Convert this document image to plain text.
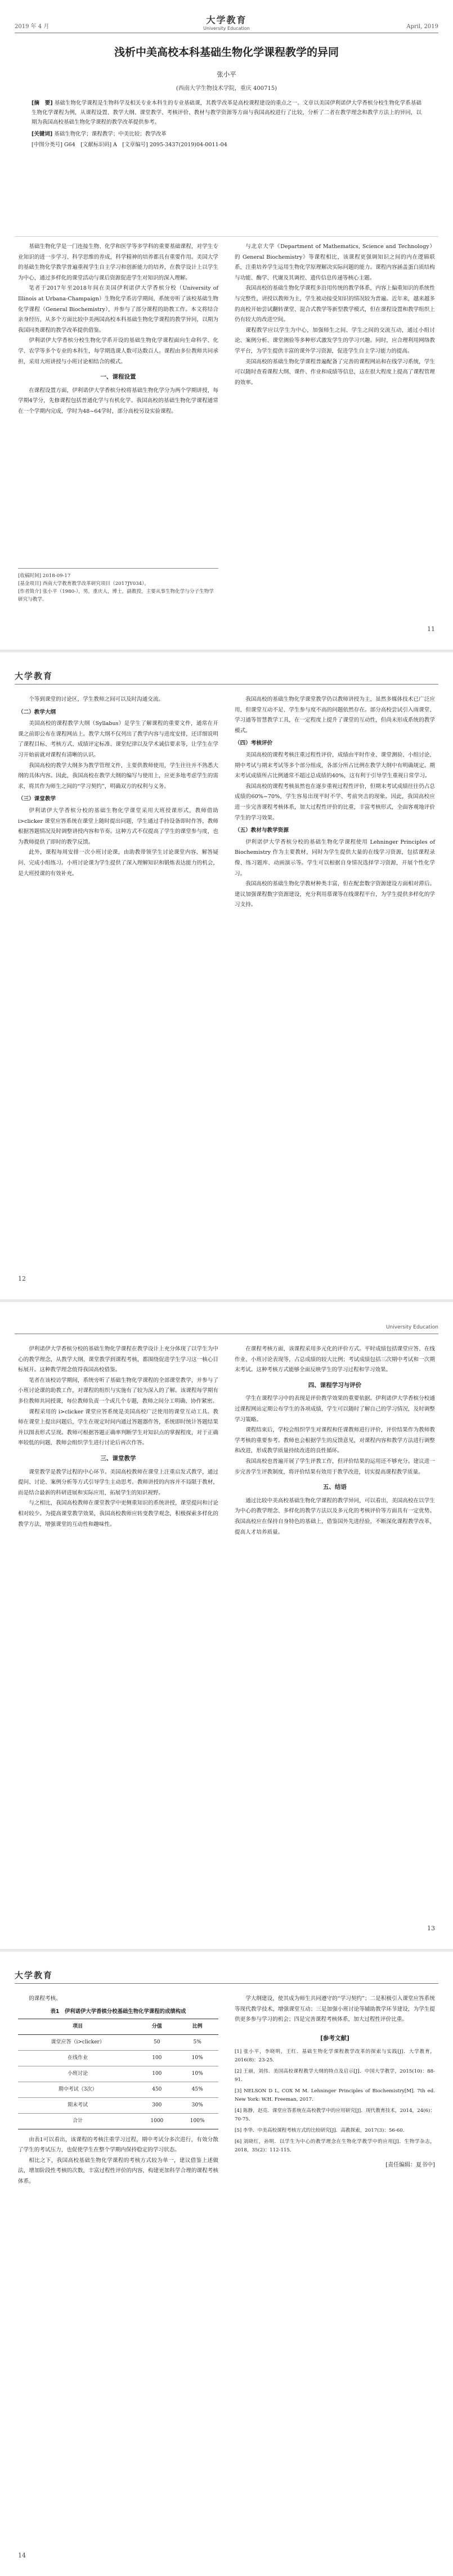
2019 年 4 月
大学教育
University Education	April, 2019
浅析中美高校本科基础生物化学课程教学的异同
张小平
(西南大学生物技术学院，重庆 400715)
[摘　要] 基础生物化学课程是生物科学及相关专业本科生的专业基础课，其教学改革是高校课程建设的重点之一。文章以美国伊利诺伊大学香槟分校生物化学系基础生物化学课程为例，从课程设置、教学大纲、课堂教学、考核评价、教材与教学资源等方面与我国高校进行了比较，分析了二者在教学理念和教学方法上的异同，以期为我国高校基础生物化学课程的教学改革提供参考。
[关键词] 基础生物化学；课程教学；中美比较；教学改革
[中图分类号] G64　[文献标识码] A　[文章编号] 2095-3437(2019)04-0011-04

基础生物化学是一门连接生物、化学和医学等多学科的重要基础课程，对学生专业知识的进一步学习、科学思维的养成，科学精神的培养都具有重要作用。美国大学的基础生物化学教学普遍重视学生自主学习和创新能力的培养，在教学设计上以学生为中心，通过多样化的课堂活动与课后资源促进学生对知识的深入理解。

笔者于2017年至2018年间在美国伊利诺伊大学香槟分校（University of Illinois at Urbana-Champaign）生物化学系访学期间，系统旁听了该校基础生物化学课程（General Biochemistry），并参与了部分课程的助教工作。本文将结合亲身经历，从多个方面比较中美两国高校本科基础生物化学课程的教学异同，以期为我国同类课程的教学改革提供借鉴。

伊利诺伊大学香槟分校生物化学系开设的基础生物化学课程面向生命科学、化学、农学等多个专业的本科生，每学期选课人数可达数百人。课程由多位教师共同承担，采用大班讲授与小班讨论相结合的模式。

一、课程设置

在课程设置方面，伊利诺伊大学香槟分校将基础生物化学分为两个学期讲授，每学期4学分，先修课程包括普通化学与有机化学。我国高校的基础生物化学课程通常在一个学期内完成，学时为48~64学时，部分高校另设实验课程。

[收稿时间] 2018-09-17
[基金项目] 西南大学教育教学改革研究项目（2017JY034）。
[作者简介] 张小平（1980-），男，重庆人，博士，副教授，主要从事生物化学与分子生物学研究与教学。

与北京大学《Department of Mathematics, Science and Technology）的 General Biochemistry》等课程相比，该课程更强调知识之间的内在逻辑联系，注重培养学生运用生物化学原理解决实际问题的能力。课程内容涵盖蛋白质结构与功能、酶学、代谢及其调控、遗传信息传递等核心主题。

我国高校的基础生物化学课程多沿用传统的教学体系，内容上偏重知识的系统性与完整性，讲授以教师为主，学生被动接受知识的情况较为普遍。近年来，越来越多的高校开始尝试翻转课堂、混合式教学等新型教学模式，但在课程设置和教学组织上仍有较大的改进空间。

课程教学应以学生为中心，加强师生之间、学生之间的交流互动，通过小组讨论、案例分析、课堂测验等多种形式激发学生的学习兴趣。同时，应合理利用网络教学平台，为学生提供丰富的课外学习资源，促进学生自主学习能力的提高。

美国高校的基础生物化学课程普遍配备了完善的课程网站和在线学习系统，学生可以随时查看课程大纲、课件、作业和成绩等信息，这在很大程度上提高了课程管理的效率。

11
大学教育

个等到课堂的讨论区，学生教师之间可以及时沟通交流。

（二）教学大纲

美国高校的课程教学大纲（Syllabus）是学生了解课程的重要文件，通常在开课之前即公布在课程网站上。教学大纲不仅列出了教学内容与进度安排，还详细说明了课程目标、考核方式、成绩评定标准、课堂纪律以及学术诚信要求等，让学生在学习开始前就对课程有清晰的认识。

我国高校的教学大纲多为教学管理文件，主要供教师使用，学生往往并不熟悉大纲的具体内容。因此，我国高校在教学大纲的编写与使用上，应更多地考虑学生的需求，将其作为师生之间的“学习契约”，明确双方的权利与义务。

（三）课堂教学

伊利诺伊大学香槟分校的基础生物化学课堂采用大班授课形式，教师借助 i>clicker 课堂应答系统在课堂上随时提出问题，学生通过手持设备即时作答，教师根据答题情况及时调整讲授内容和节奏。这种方式不仅提高了学生的课堂参与度，也为教师提供了即时的教学反馈。

此外，课程每周安排一次小班讨论课，由助教带领学生讨论课堂内容、解答疑问、完成小组练习。小班讨论课为学生提供了深入理解知识和锻炼表达能力的机会，是大班授课的有效补充。

我国高校的基础生物化学课堂教学仍以教师讲授为主，虽然多媒体技术已广泛应用，但课堂互动不足、学生参与度不高的问题依然存在。部分高校尝试引入雨课堂、学习通等智慧教学工具，在一定程度上提升了课堂的互动性，但尚未形成系统的教学模式。

（四）考核评价

美国高校的课程考核注重过程性评价，成绩由平时作业、课堂测验、小组讨论、期中考试与期末考试等多个部分组成，各部分所占比例在教学大纲中有明确规定。期末考试成绩所占比例通常不超过总成绩的40%，这有利于引导学生重视日常学习。

我国高校的课程考核虽然也在逐步重视过程性评价，但期末考试成绩往往仍占总成绩的60%~70%，学生容易出现平时不学、考前突击的现象。因此，我国高校应进一步完善课程考核体系，加大过程性评价的比重，丰富考核形式，全面客观地评价学生的学习效果。

（五）教材与教学资源

伊利诺伊大学香槟分校的基础生物化学课程使用 Lehninger Principles of Biochemistry 作为主要教材，同时为学生提供大量的在线学习资源，包括课程录像、练习题库、动画演示等。学生可以根据自身情况选择学习资源，开展个性化学习。

我国高校的基础生物化学教材种类丰富，但在配套数字资源建设方面相对滞后。建议加强课程数字资源建设，充分利用慕课等在线课程平台，为学生提供多样化的学习支持。

12
University Education

伊利诺伊大学香槟分校的基础生物化学课程在教学设计上充分体现了以学生为中心的教学理念，从教学大纲、课堂教学到课程考核，都围绕促进学生学习这一核心目标展开。这种教学理念值得我国高校借鉴。

笔者在该校访学期间，系统旁听了基础生物化学课程的全部课堂教学，并参与了小班讨论课的助教工作，对课程的组织与实施有了较为深入的了解。该课程每学期有多位教师共同授课，每位教师负责一个或几个专题，教师之间分工明确、协作紧密。

课程采用的 i>clicker 课堂应答系统是美国高校广泛使用的课堂互动工具。教师在课堂上提出问题后，学生在规定时间内通过答题器作答，系统即时统计答题结果并以图表形式呈现。教师可根据答题正确率判断学生对知识点的掌握程度，对于正确率较低的问题，教师会组织学生进行讨论后再次作答。

三、课堂教学

课堂教学是教学过程的中心环节。美国高校教师在课堂上注重启发式教学，通过提问、讨论、案例分析等方式引导学生主动思考。教师讲授的内容并不局限于教材，而是结合最新的科研进展和实际应用，拓展学生的知识视野。

与之相比，我国高校教师在课堂教学中更侧重知识的系统讲授，课堂提问和讨论相对较少。为提高课堂教学效果，我国高校教师应转变教学观念，积极探索多样化的教学方法，增强课堂的互动性和趣味性。

在课程考核方面，该课程采用多元化的评价方式。平时成绩包括课堂应答、在线作业、小班讨论表现等，占总成绩的较大比例；考试成绩包括三次期中考试和一次期末考试。这种考核方式能够全面反映学生的学习过程和学习效果。

四、课程学习与评价

学生在课程学习中的表现是评价教学效果的重要依据。伊利诺伊大学香槟分校通过课程网站定期公布学生的各项成绩，学生可以随时了解自己的学习情况，及时调整学习策略。

课程结束后，学校会组织学生对课程和任课教师进行评价，评价结果作为教师教学考核的重要参考。教师也会根据学生的反馈意见，对课程内容和教学方法进行调整和改进，形成教学质量持续改进的良性循环。

我国高校也普遍开展了学生评教工作，但评价结果的运用还不够充分。建议进一步完善学生评教制度，将评价结果有效用于教学改进，切实提高课程教学质量。

五、结语

通过比较中美高校基础生物化学课程的教学异同，可以看出，美国高校在以学生为中心的教学理念、多样化的教学方法以及多元化的考核评价等方面具有一定优势。我国高校应在保持自身特色的基础上，借鉴国外先进经验，不断深化课程教学改革，提高人才培养质量。

13
大学教育

的课程考核。

表1　伊利诺伊大学香槟分校基础生物化学课程的成绩构成
项目	分值	比例
课堂应答（i>clicker）	50	5%
在线作业	100	10%
小班讨论	100	10%
期中考试（3次）	450	45%
期末考试	300	30%
合计	1000	100%

由表1可以看出，该课程的考核注重学习过程，期中考试分多次进行，有效分散了学生的考试压力，也促使学生在整个学期内保持稳定的学习状态。

相比之下，我国高校基础生物化学课程的考核方式较为单一，建议借鉴上述做法，增加阶段性考核的次数，丰富过程性评价的内容，构建更加科学合理的课程考核体系。

学大纲建设，使其成为师生共同遵守的“学习契约”；二是积极引入课堂应答系统等现代教学技术，增强课堂互动；三是加强小班讨论等辅助教学环节建设，为学生提供更多参与学习的机会；四是完善课程考核体系，加大过程性评价比重。

[参考文献]
[1] 张小平，李晓明，王红．基础生物化学课程教学改革的探索与实践[J]．大学教育，2016(8)：23-25．
[2] 王丽，刘伟．美国高校课程教学大纲的特点及启示[J]．中国大学教学，2015(10)：88-91．
[3] NELSON D L, COX M M. Lehninger Principles of Biochemistry[M]. 7th ed. New York: W.H. Freeman, 2017.
[4] 陈静，赵亮．课堂应答系统在高校教学中的应用研究[J]．现代教育技术，2014，24(6)：70-75．
[5] 李华．中美高校课程考核方式的比较研究[J]．高教探索，2017(3)：56-60．
[6] 刘晓红，孙明．以学生为中心的教学理念在生物化学教学中的应用[J]．生物学杂志，2018，35(2)：112-115．
[责任编辑：夏书中]
14
